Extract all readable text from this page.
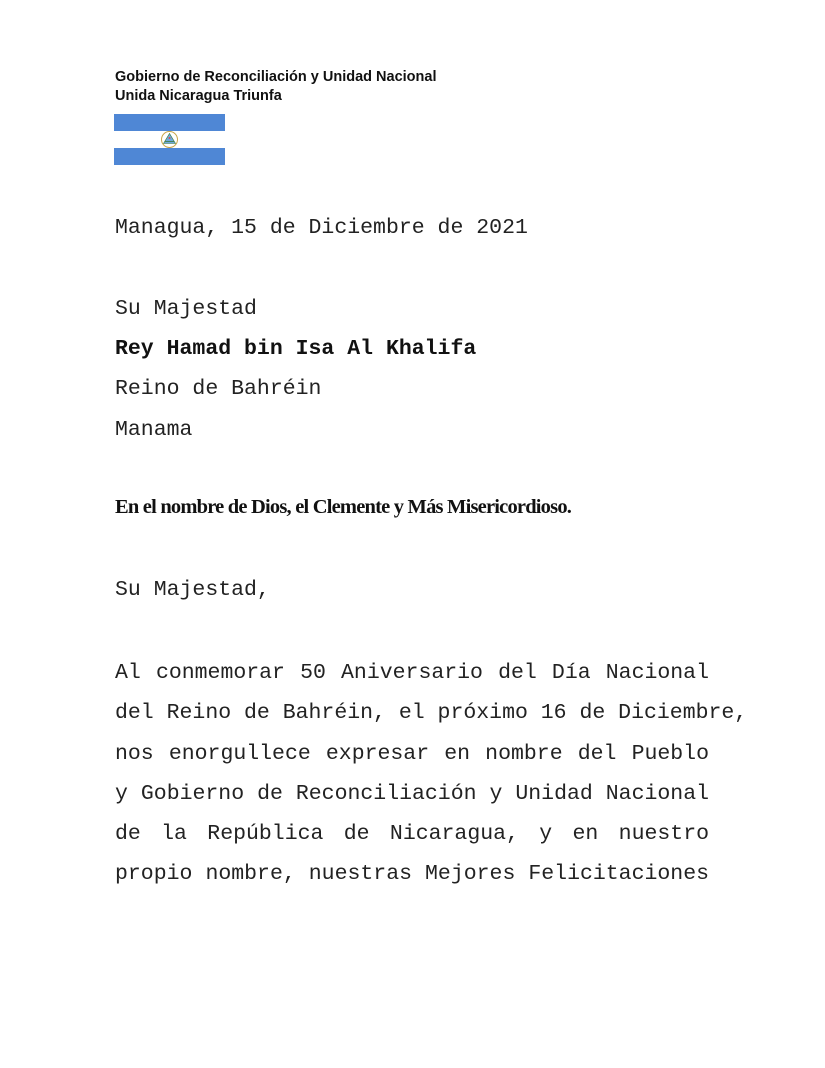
Gobierno de Reconciliación y Unidad Nacional
Unida Nicaragua Triunfa
Managua, 15 de Diciembre de 2021
Su Majestad
Rey Hamad bin Isa Al Khalifa
Reino de Bahréin
Manama
En el nombre de Dios, el Clemente y Más Misericordioso.
Su Majestad,
Al conmemorar 50 Aniversario del Día Nacional
del Reino de Bahréin, el próximo 16 de Diciembre,
nos enorgullece expresar en nombre del Pueblo
y Gobierno de Reconciliación y Unidad Nacional
de la República de Nicaragua, y en nuestro
propio nombre, nuestras Mejores Felicitaciones
